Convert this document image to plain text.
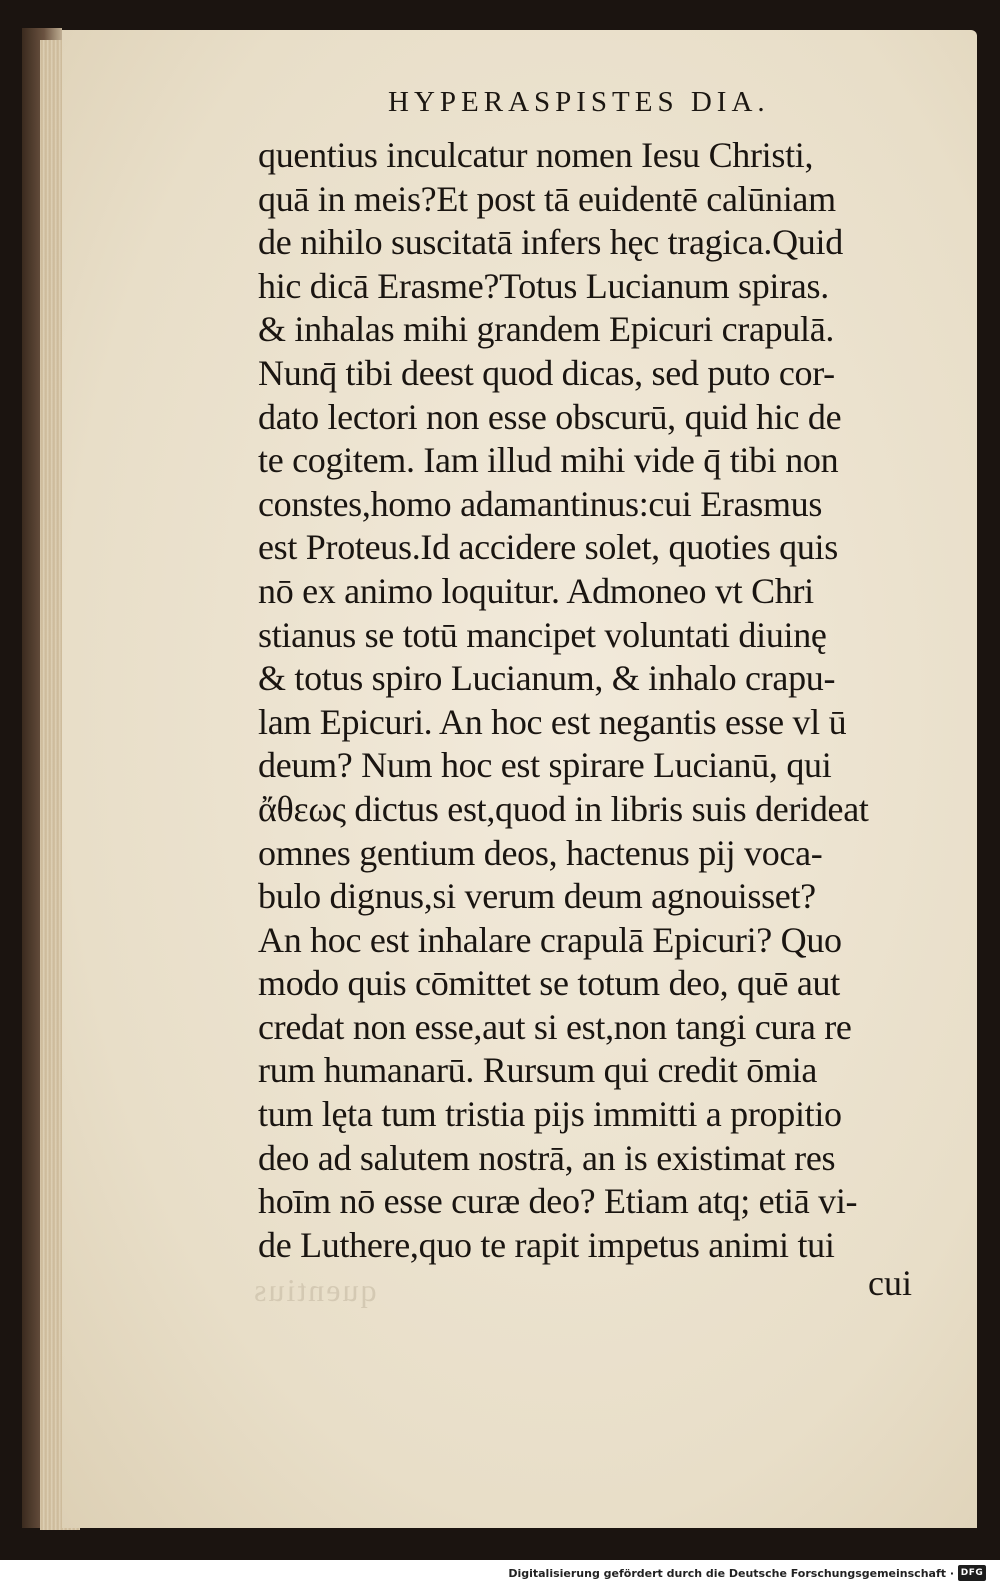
HYPERASPISTES DIA.
quentius inculcatur nomen Iesu Christi,
quā in meis?Et post tā euidentē calūniam
de nihilo suscitatā infers hęc tragica.Quid
hic dicā Erasme?Totus Lucianum spiras.
& inhalas mihi grandem Epicuri crapulā.
Nunq̄ tibi deest quod dicas, sed puto cor-
dato lectori non esse obscurū, quid hic de
te cogitem. Iam illud mihi vide q̄ tibi non
constes,homo adamantinus:cui Erasmus
est Proteus.Id accidere solet, quoties quis
nō ex animo loquitur. Admoneo vt Chri
stianus se totū mancipet voluntati diuinę
& totus spiro Lucianum, & inhalo crapu-
lam Epicuri. An hoc est negantis esse vl ū
deum? Num hoc est spirare Lucianū, qui
ἄθεως dictus est,quod in libris suis derideat
omnes gentium deos, hactenus pij voca-
bulo dignus,si verum deum agnouisset?
An hoc est inhalare crapulā Epicuri? Quo
modo quis cōmittet se totum deo, quē aut
credat non esse,aut si est,non tangi cura re
rum humanarū. Rursum qui credit ōmia
tum lęta tum tristia pijs immitti a propitio
deo ad salutem nostrā, an is existimat res
hoīm nō esse curæ deo? Etiam atq; etiā vi-
de Luthere,quo te rapit impetus animi tui
quentius	cui
Digitalisierung gefördert durch die Deutsche Forschungsgemeinschaft · DFG
